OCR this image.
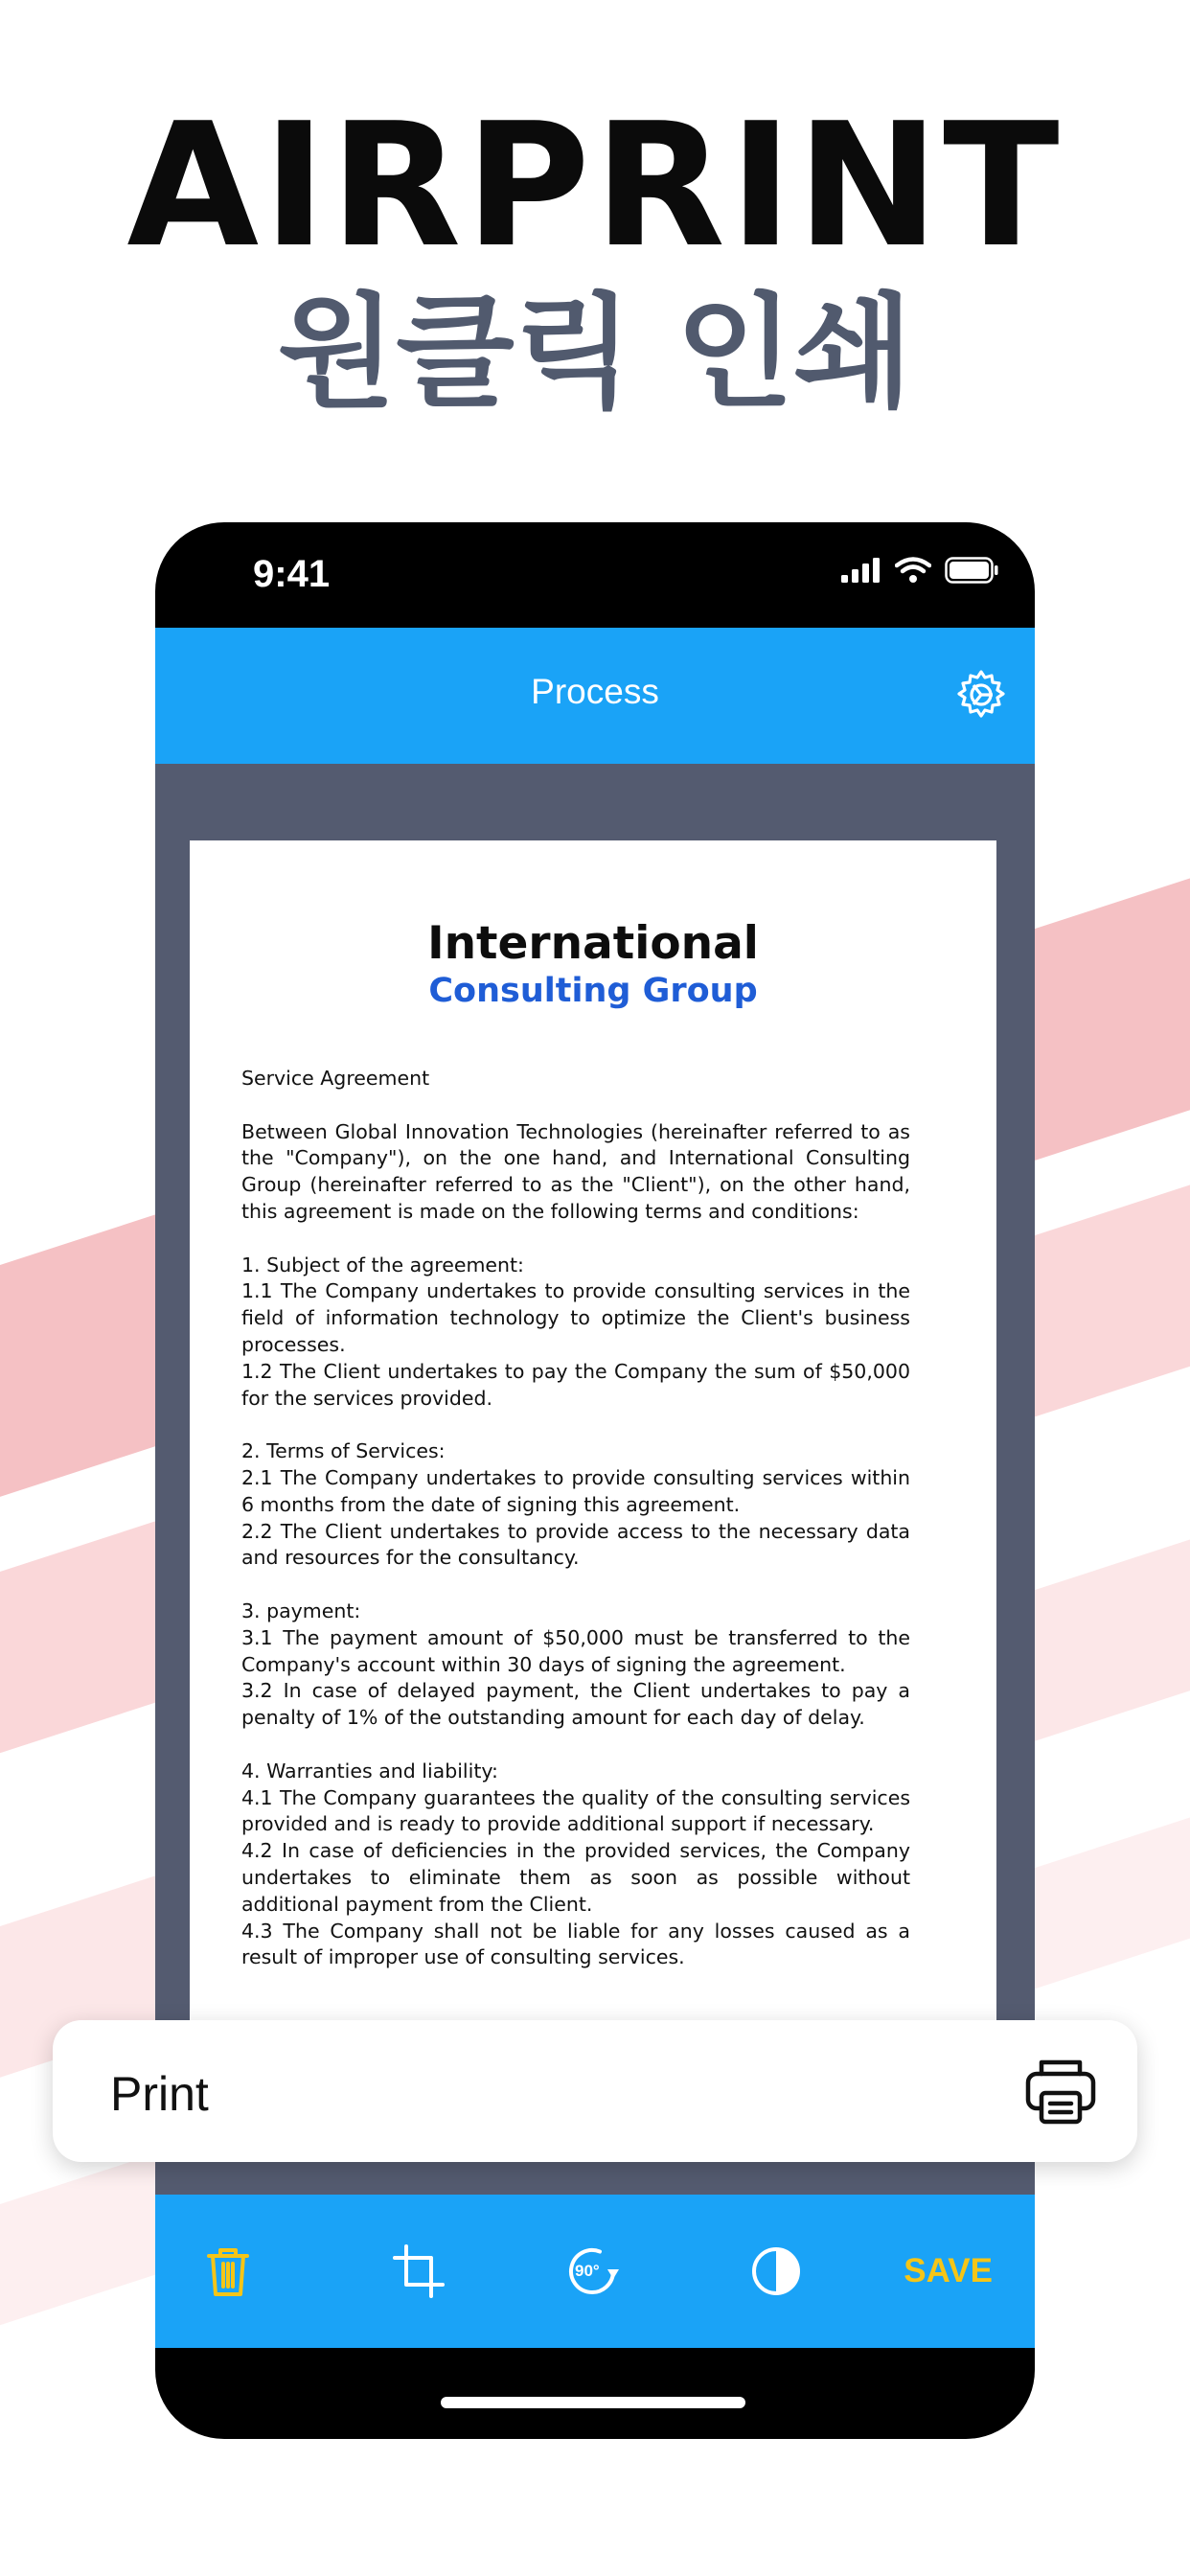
AIRPRINT
원클릭 인쇄
9:41
Process
International
Consulting Group

Service Agreement

Between Global Innovation Technologies (hereinafter referred to as the "Company"), on the one hand, and International Consulting Group (hereinafter referred to as the "Client"), on the other hand, this agreement is made on the following terms and conditions:

1. Subject of the agreement:
1.1 The Company undertakes to provide consulting services in the field of information technology to optimize the Client's business processes.
1.2 The Client undertakes to pay the Company the sum of $50,000 for the services provided.

2. Terms of Services:
2.1 The Company undertakes to provide consulting services within 6 months from the date of signing this agreement.
2.2 The Client undertakes to provide access to the necessary data and resources for the consultancy.

3. payment:
3.1 The payment amount of $50,000 must be transferred to the Company's account within 30 days of signing the agreement.
3.2 In case of delayed payment, the Client undertakes to pay a penalty of 1% of the outstanding amount for each day of delay.

4. Warranties and liability:
4.1 The Company guarantees the quality of the consulting services provided and is ready to provide additional support if necessary.
4.2 In case of deficiencies in the provided services, the Company undertakes to eliminate them as soon as possible without additional payment from the Client.
4.3 The Company shall not be liable for any losses caused as a result of improper use of consulting services.

90°	SAVE
Print
